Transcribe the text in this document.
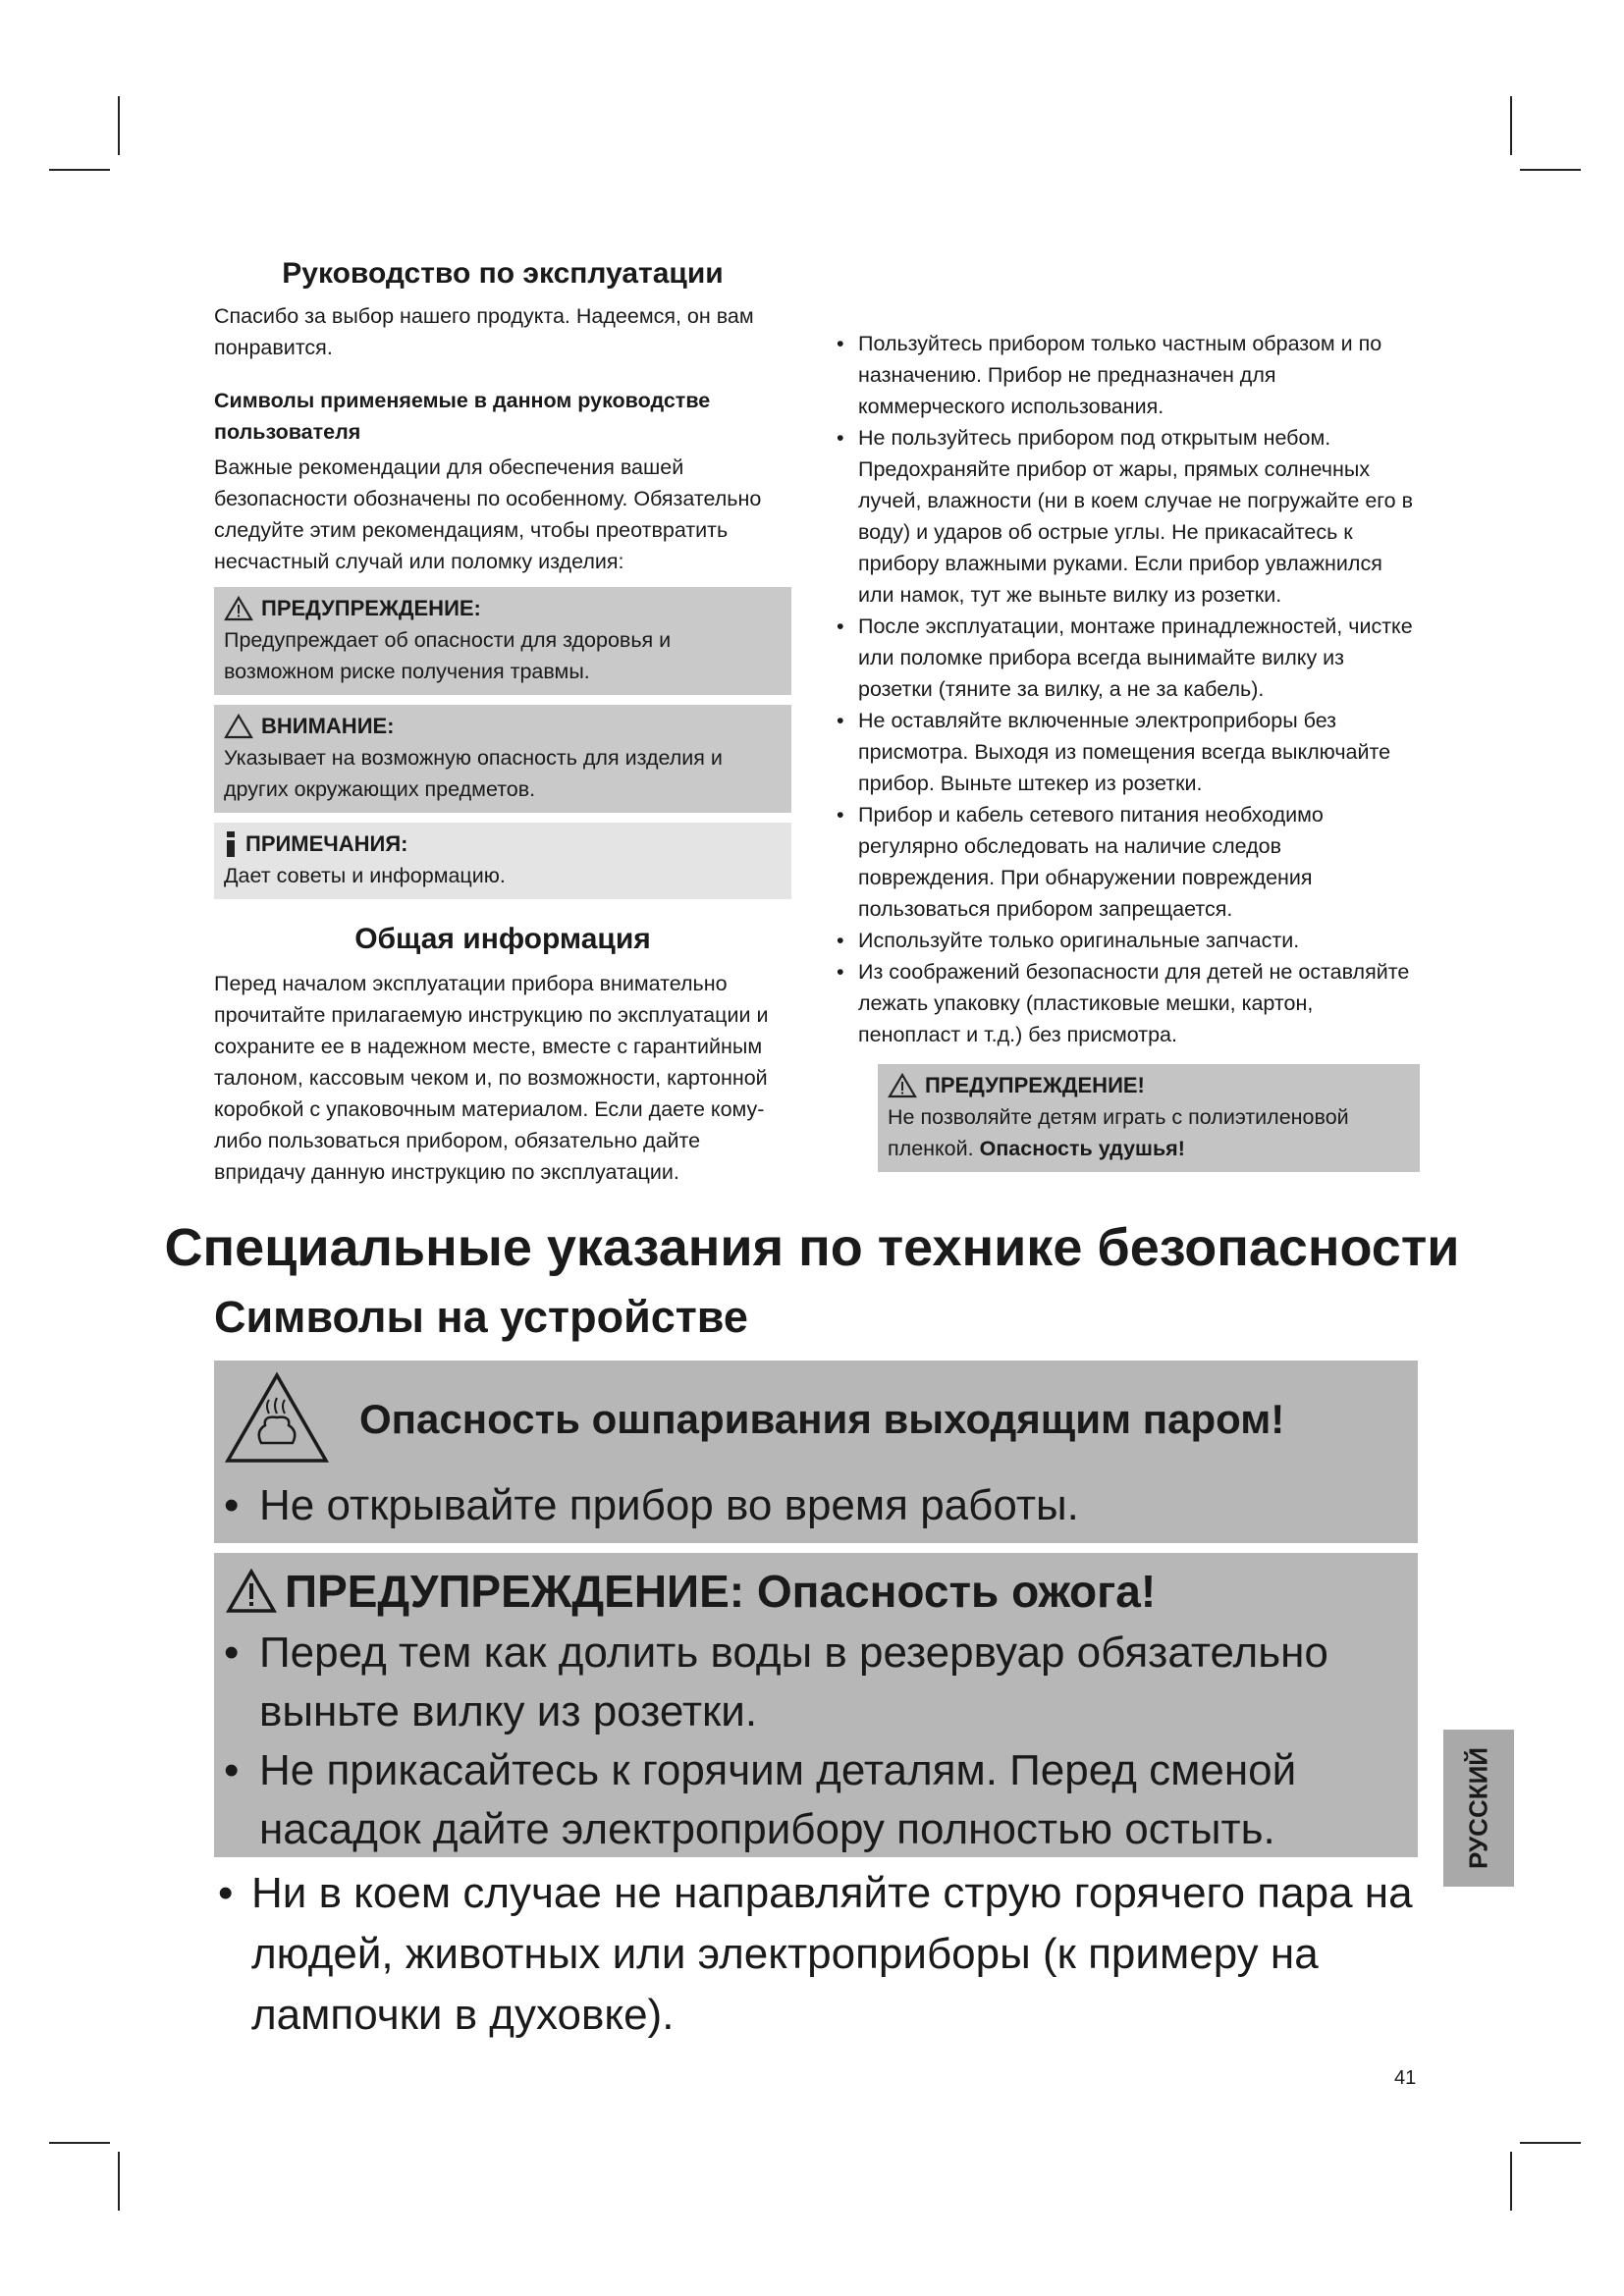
Руководство по эксплуатации

Спасибо за выбор нашего продукта. Надеемся, он вам понравится.

Символы применяемые в данном руководстве пользователя

Важные рекомендации для обеспечения вашей безопасности обозначены по особенному. Обязательно следуйте этим рекомендациям, чтобы преотвратить несчастный случай или поломку изделия:

ПРЕДУПРЕЖДЕНИЕ:

Предупреждает об опасности для здоровья и возможном риске получения травмы.

ВНИМАНИЕ:

Указывает на возможную опасность для изделия и других окружающих предметов.

ПРИМЕЧАНИЯ:

Дает советы и информацию.

Общая информация

Перед началом эксплуатации прибора внимательно прочитайте прилагаемую инструкцию по эксплуатации и сохраните ее в надежном месте, вместе с гарантийным талоном, кассовым чеком и, по возможности, картонной коробкой с упаковочным материалом. Если даете кому-либо пользоваться прибором, обязательно дайте впридачу данную инструкцию по эксплуатации.

• Пользуйтесь прибором только частным образом и по назначению. Прибор не предназначен для коммерческого использования.
• Не пользуйтесь прибором под открытым небом. Предохраняйте прибор от жары, прямых солнечных лучей, влажности (ни в коем случае не погружайте его в воду) и ударов об острые углы. Не прикасайтесь к прибору влажными руками. Если прибор увлажнился или намок, тут же выньте вилку из розетки.
• После эксплуатации, монтаже принадлежностей, чистке или поломке прибора всегда вынимайте вилку из розетки (тяните за вилку, а не за кабель).
• Не оставляйте включенные электроприборы без присмотра. Выходя из помещения всегда выключайте прибор. Выньте штекер из розетки.
• Прибор и кабель сетевого питания необходимо регулярно обследовать на наличие следов повреждения. При обнаружении повреждения пользоваться прибором запрещается.
• Используйте только оригинальные запчасти.
• Из соображений безопасности для детей не оставляйте лежать упаковку (пластиковые мешки, картон, пенопласт и т.д.) без присмотра.
ПРЕДУПРЕЖДЕНИЕ!

Не позволяйте детям играть с полиэтиленовой пленкой. Опасность удушья!

Специальные указания по технике безопасности
Символы на устройстве
Опасность ошпаривания выходящим паром!
• Не открывайте прибор во время работы.
ПРЕДУПРЕЖДЕНИЕ: Опасность ожога!
• Перед тем как долить воды в резервуар обязательно выньте вилку из розетки.
• Не прикасайтесь к горячим деталям. Перед сменой насадок дайте электроприбору полностью остыть.
Ни в коем случае не направляйте струю горячего пара на людей, животных или электроприборы (к примеру на лампочки в духовке).
•
РУССКИЙ
41
